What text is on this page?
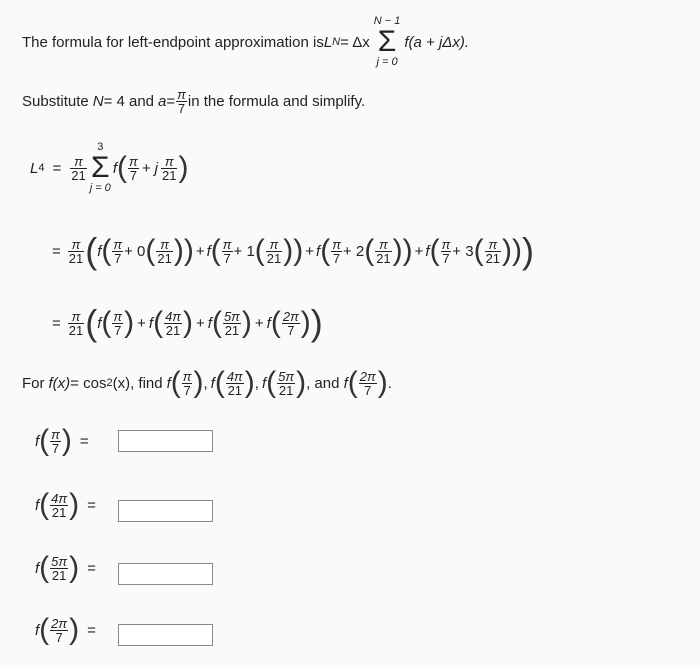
The formula for left-endpoint approximation is L N = Δx
N − 1
Σ
j = 0
f(a + jΔx).
Substitute N = 4 and $a = \frac{\pi}{7}$ in the formula and simplify.
L $4 = \frac{\pi}{21}$
3
Σ
j = 0
f ( $\frac{\pi}{7} + j \frac{\pi}{21}$ )
= $\frac{\pi}{21}$ ( f ( $\frac{\pi}{7} + 0$ ( $\frac{\pi}{21}$ )) + f ( $\frac{\pi}{7} + 1$ ( $\frac{\pi}{21}$ )) + f ( $\frac{\pi}{7} + 2$ ( $\frac{\pi}{21}$ )) + f ( $\frac{\pi}{7} + 3$ ( $\frac{\pi}{21}$ )) )
= $\frac{\pi}{21}$ ( f ( $\frac{\pi}{7}$ ) + f ( $\frac{4\pi}{21}$ ) + f ( $\frac{5\pi}{21}$ ) + f ( $\frac{2\pi}{7}$ ) )
For f(x) = cos 2 (x), find f ( $\frac{\pi}{7}$ ) , f ( $\frac{4\pi}{21}$ ) , f ( $\frac{5\pi}{21}$ ) , and f ( $\frac{2\pi}{7}$ ) .
f ( $\frac{\pi}{7}$ ) =
f ( $\frac{4\pi}{21}$ ) =
f ( $\frac{5\pi}{21}$ ) =
f ( $\frac{2\pi}{7}$ ) =
